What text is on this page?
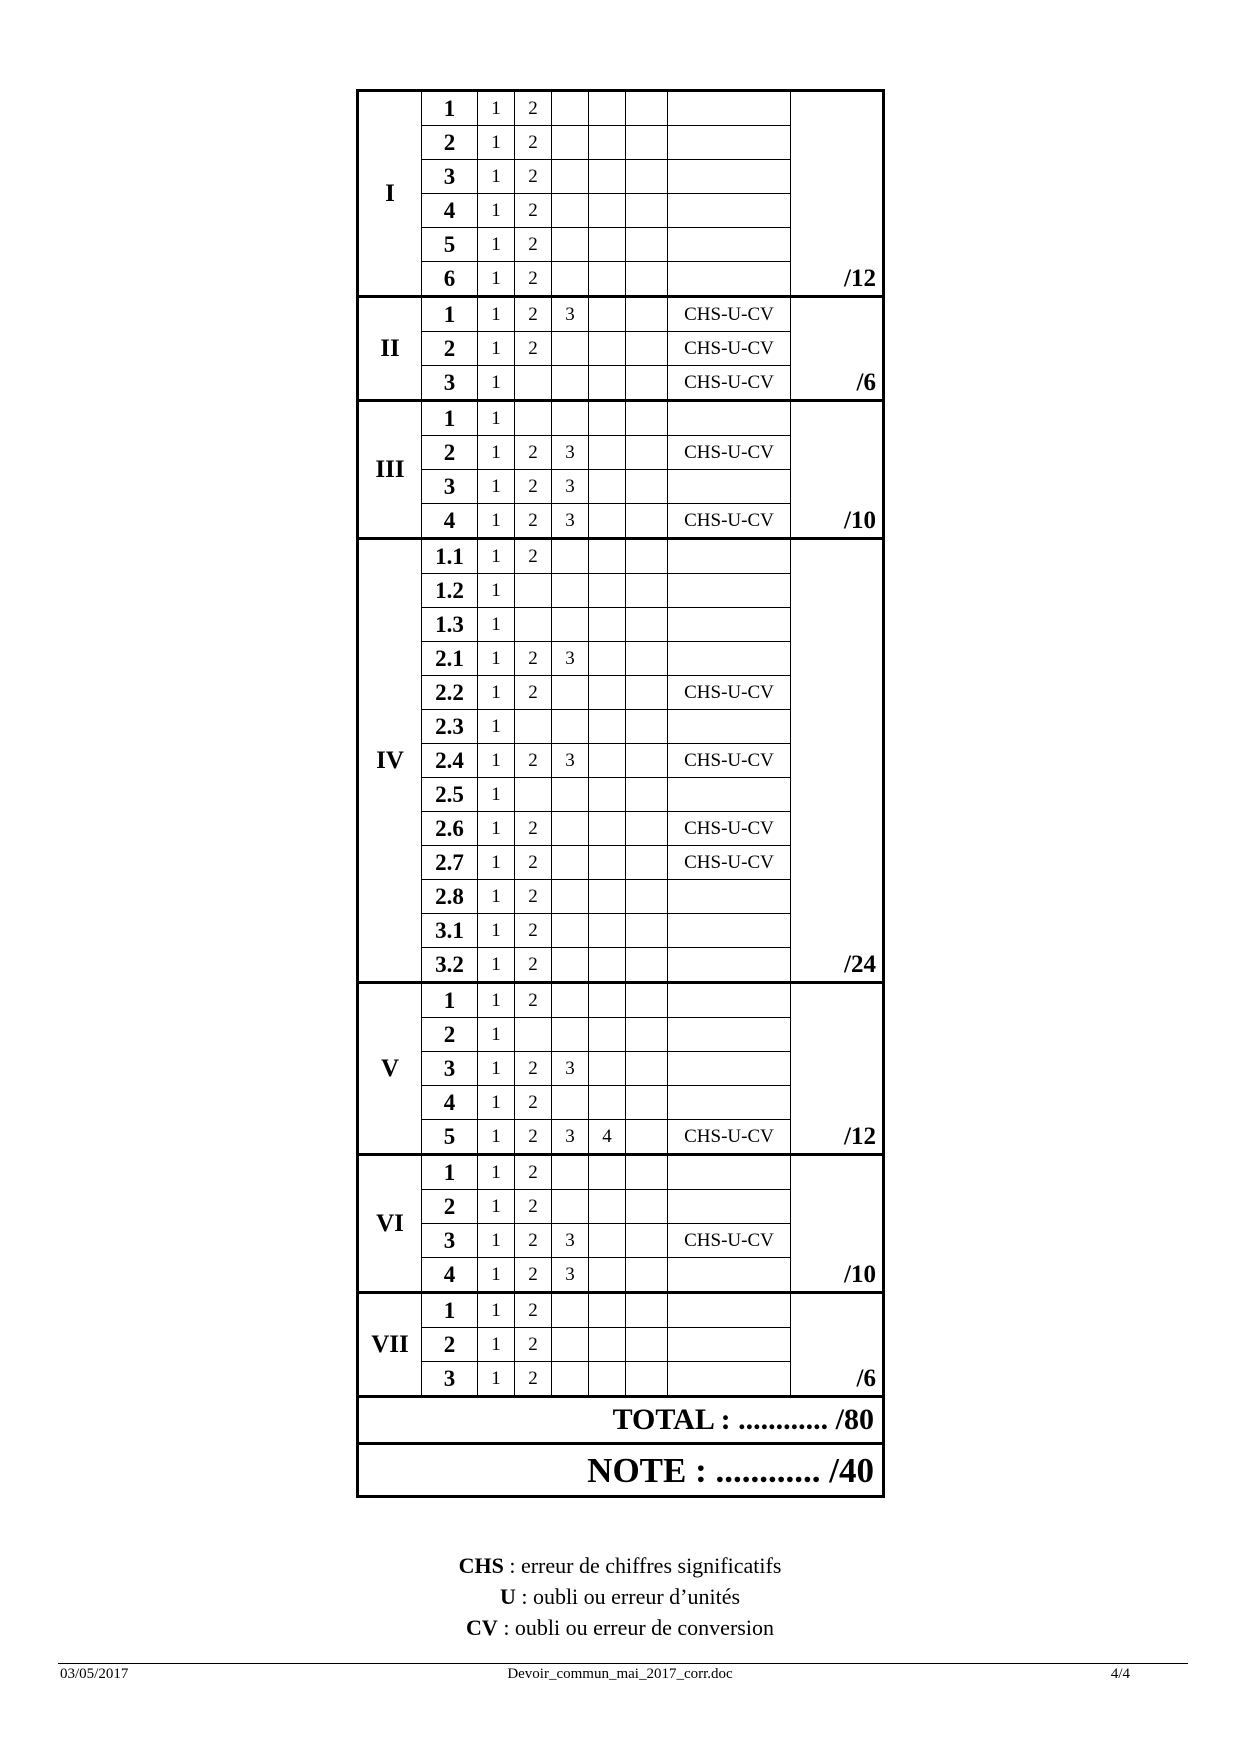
I	1	1	2					/12
	2	1	2					
	3	1	2					
	4	1	2					
	5	1	2					
	6	1	2					
II	1	1	2	3			CHS-U-CV	/6
	2	1	2				CHS-U-CV	
	3	1					CHS-U-CV	
III	1	1						/10
	2	1	2	3			CHS-U-CV	
	3	1	2	3				
	4	1	2	3			CHS-U-CV	
IV	1.1	1	2					/24
	1.2	1						
	1.3	1						
	2.1	1	2	3				
	2.2	1	2				CHS-U-CV	
	2.3	1						
	2.4	1	2	3			CHS-U-CV	
	2.5	1						
	2.6	1	2				CHS-U-CV	
	2.7	1	2				CHS-U-CV	
	2.8	1	2					
	3.1	1	2					
	3.2	1	2					
V	1	1	2					/12
	2	1						
	3	1	2	3				
	4	1	2					
	5	1	2	3	4		CHS-U-CV	
VI	1	1	2					/10
	2	1	2					
	3	1	2	3			CHS-U-CV	
	4	1	2	3				
VII	1	1	2					/6
	2	1	2					
	3	1	2					
TOTAL : ............ /80								
NOTE : ............ /40								
CHS : erreur de chiffres significatifs
U : oubli ou erreur d’unités
CV : oubli ou erreur de conversion
03/05/2017	Devoir_commun_mai_2017_corr.doc	4/4
